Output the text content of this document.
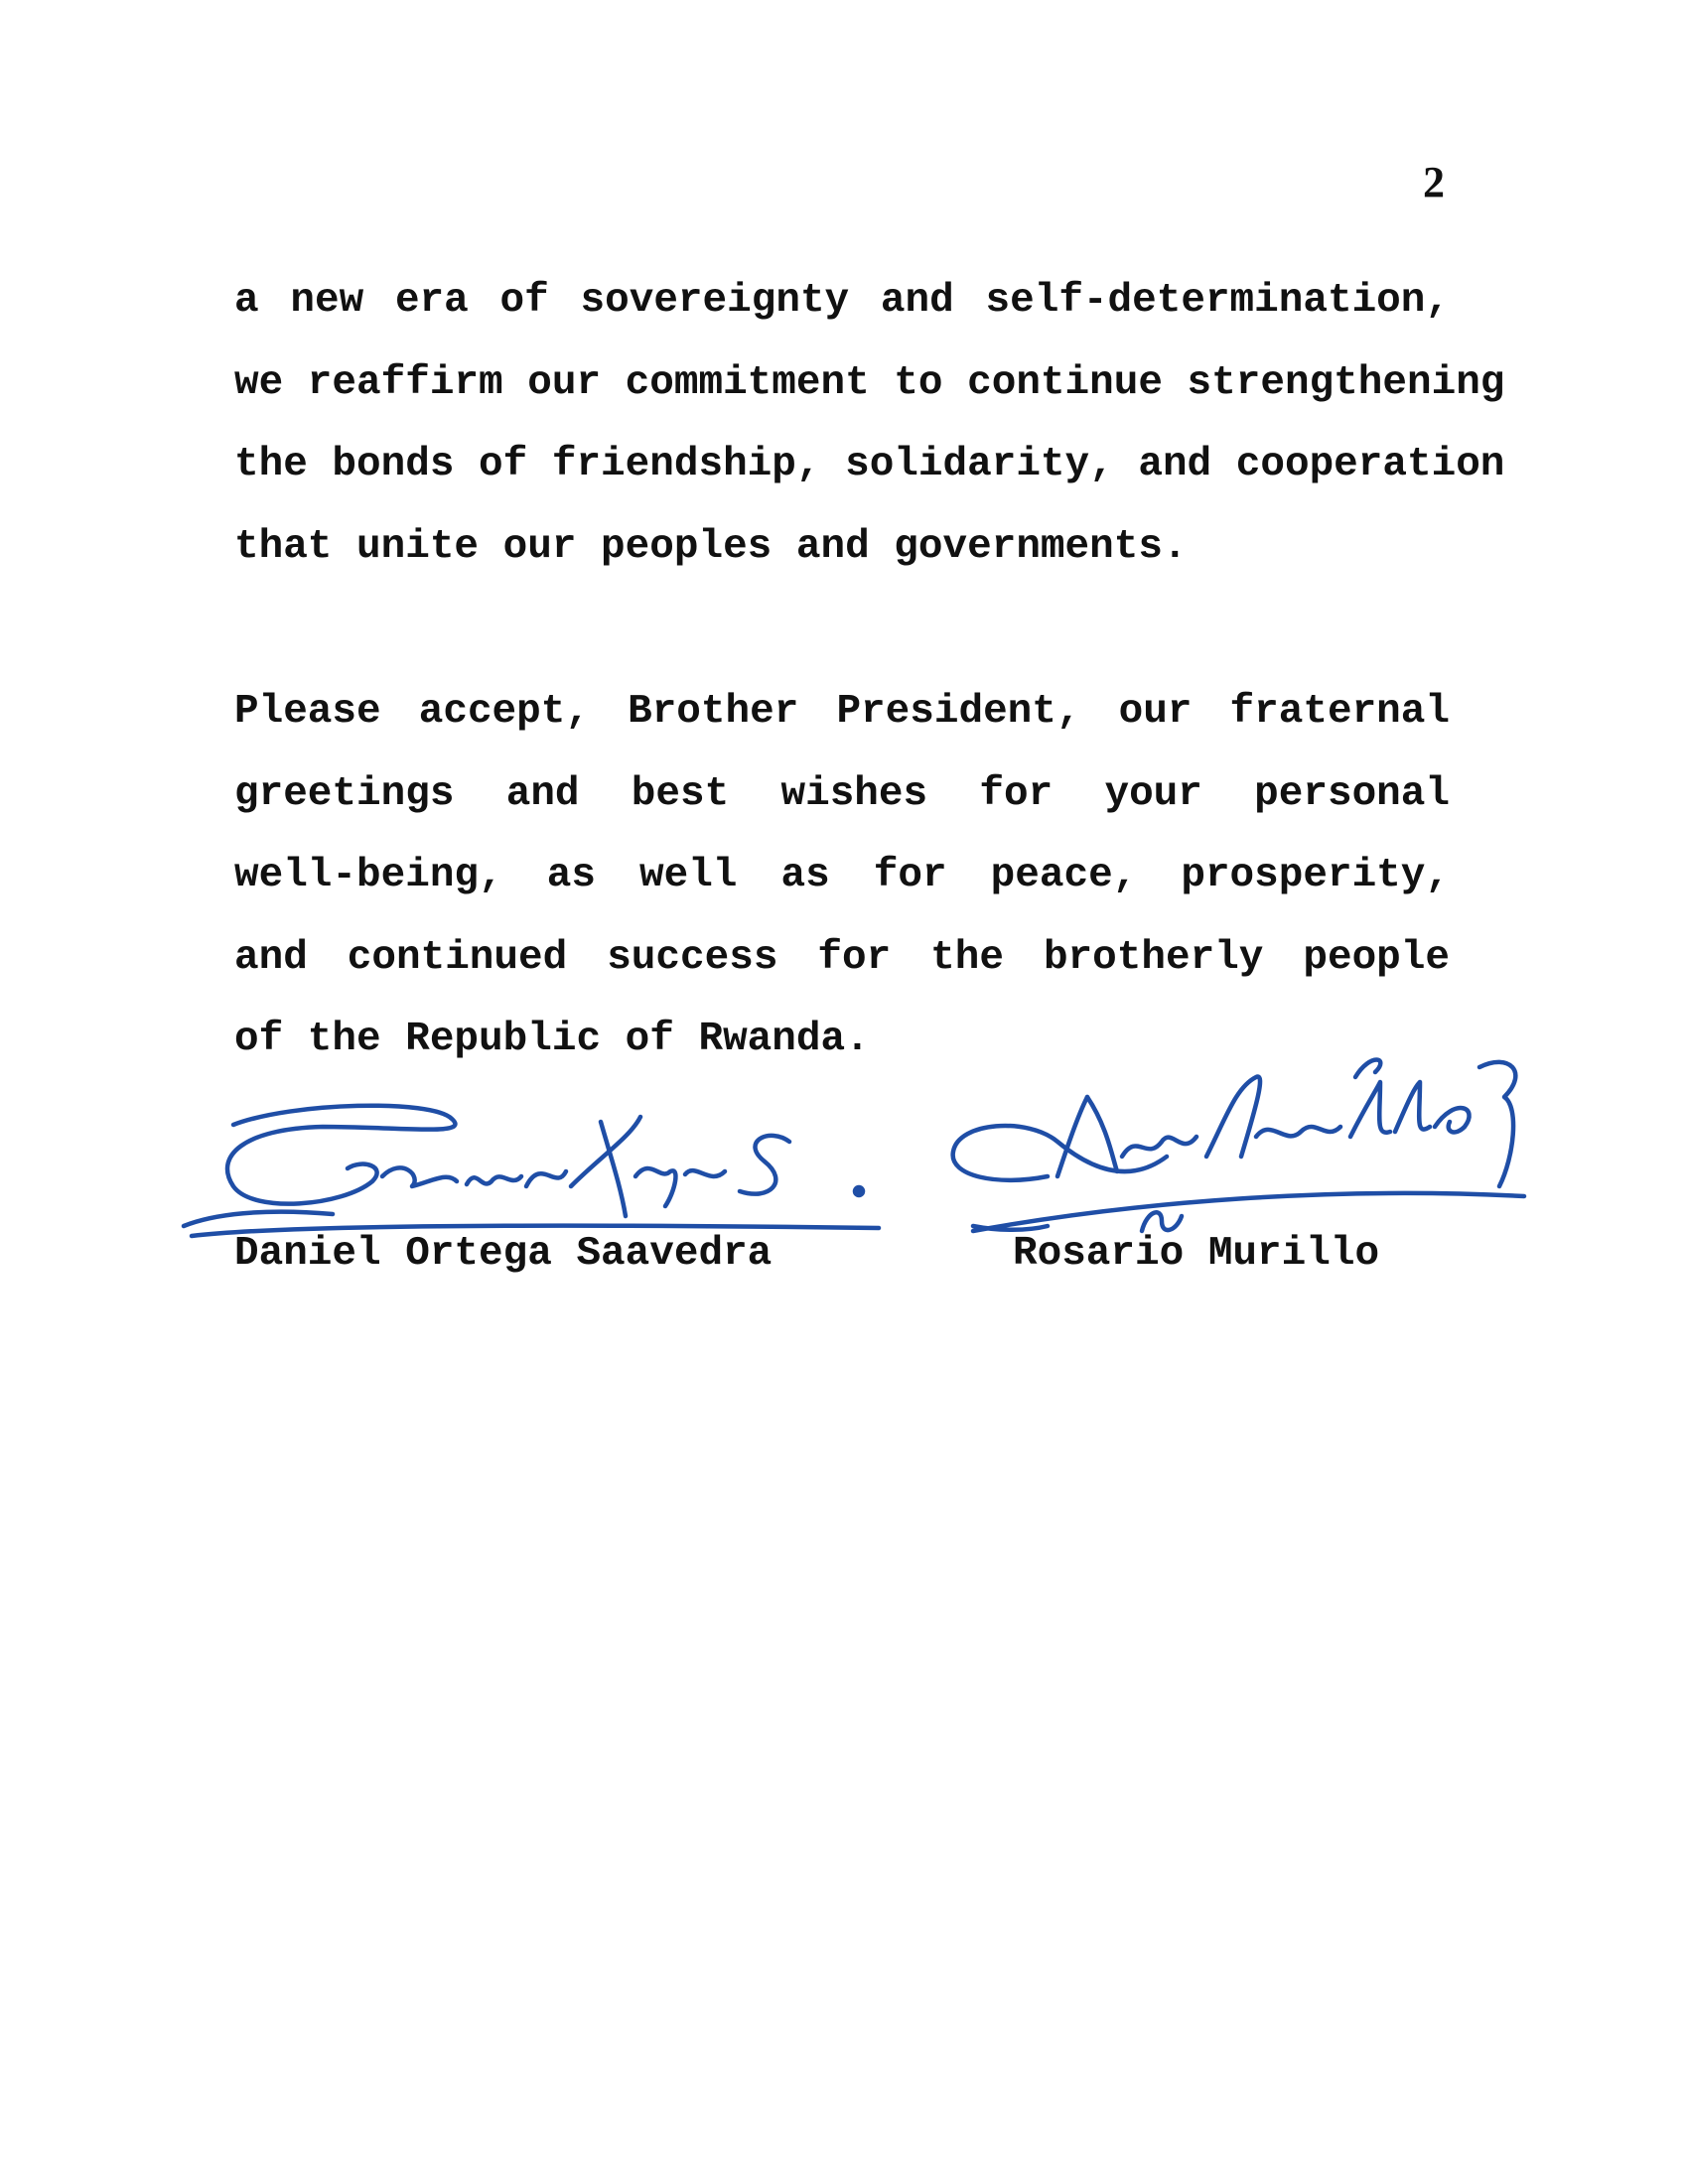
2
a new era of sovereignty and self-determination,
we reaffirm our commitment to continue strengthening
the bonds of friendship, solidarity, and cooperation
that unite our peoples and governments.
Please accept, Brother President, our fraternal
greetings and best wishes for your personal
well-being, as well as for peace, prosperity,
and continued success for the brotherly people
of the Republic of Rwanda.
Daniel Ortega Saavedra	Rosario Murillo
